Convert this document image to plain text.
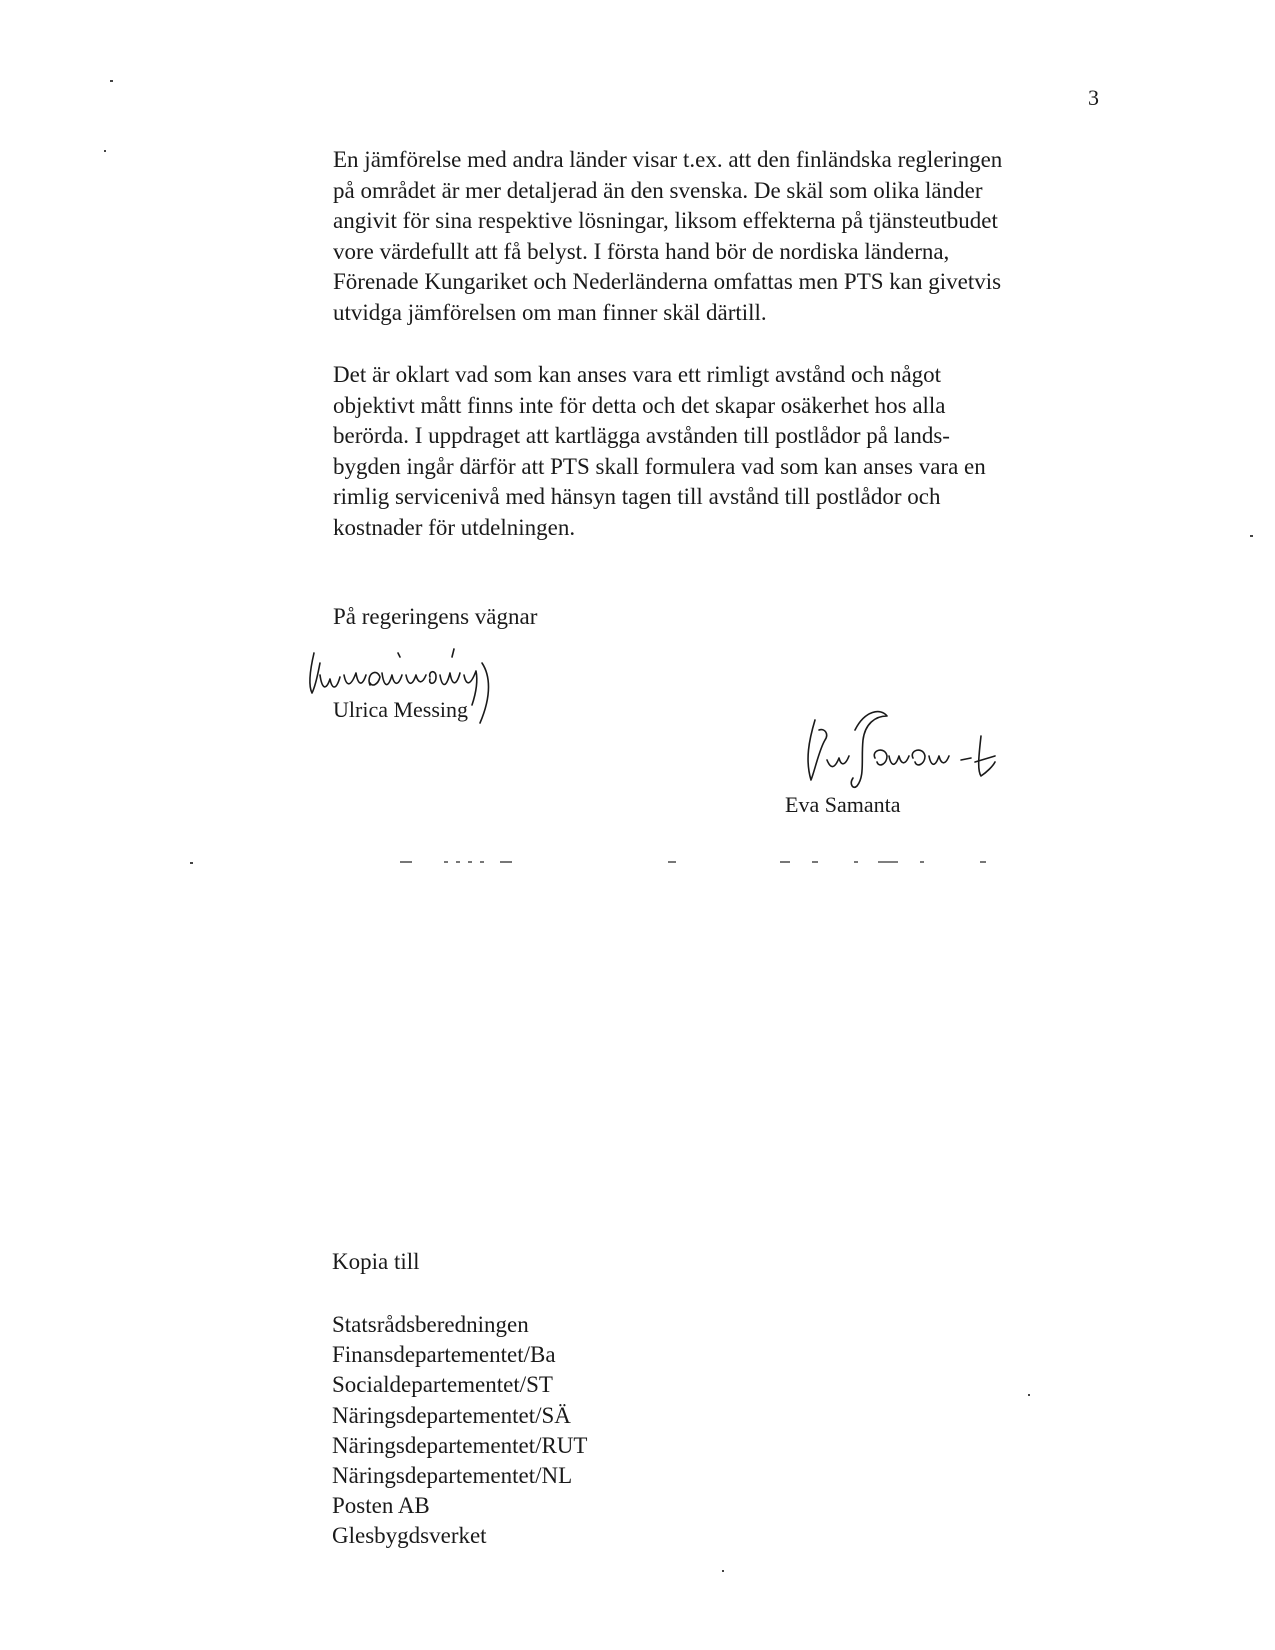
3

En jämförelse med andra länder visar t.ex. att den finländska regleringen
på området är mer detaljerad än den svenska. De skäl som olika länder
angivit för sina respektive lösningar, liksom effekterna på tjänsteutbudet
vore värdefullt att få belyst. I första hand bör de nordiska länderna,
Förenade Kungariket och Nederländerna omfattas men PTS kan givetvis
utvidga jämförelsen om man finner skäl därtill.

Det är oklart vad som kan anses vara ett rimligt avstånd och något
objektivt mått finns inte för detta och det skapar osäkerhet hos alla
berörda. I uppdraget att kartlägga avstånden till postlådor på lands-
bygden ingår därför att PTS skall formulera vad som kan anses vara en
rimlig servicenivå med hänsyn tagen till avstånd till postlådor och
kostnader för utdelningen.

På regeringens vägnar
Ulrica Messing
Eva Samanta
Kopia till
Statsrådsberedningen
Finansdepartementet/Ba
Socialdepartementet/ST
Näringsdepartementet/SÄ
Näringsdepartementet/RUT
Näringsdepartementet/NL
Posten AB
Glesbygdsverket
